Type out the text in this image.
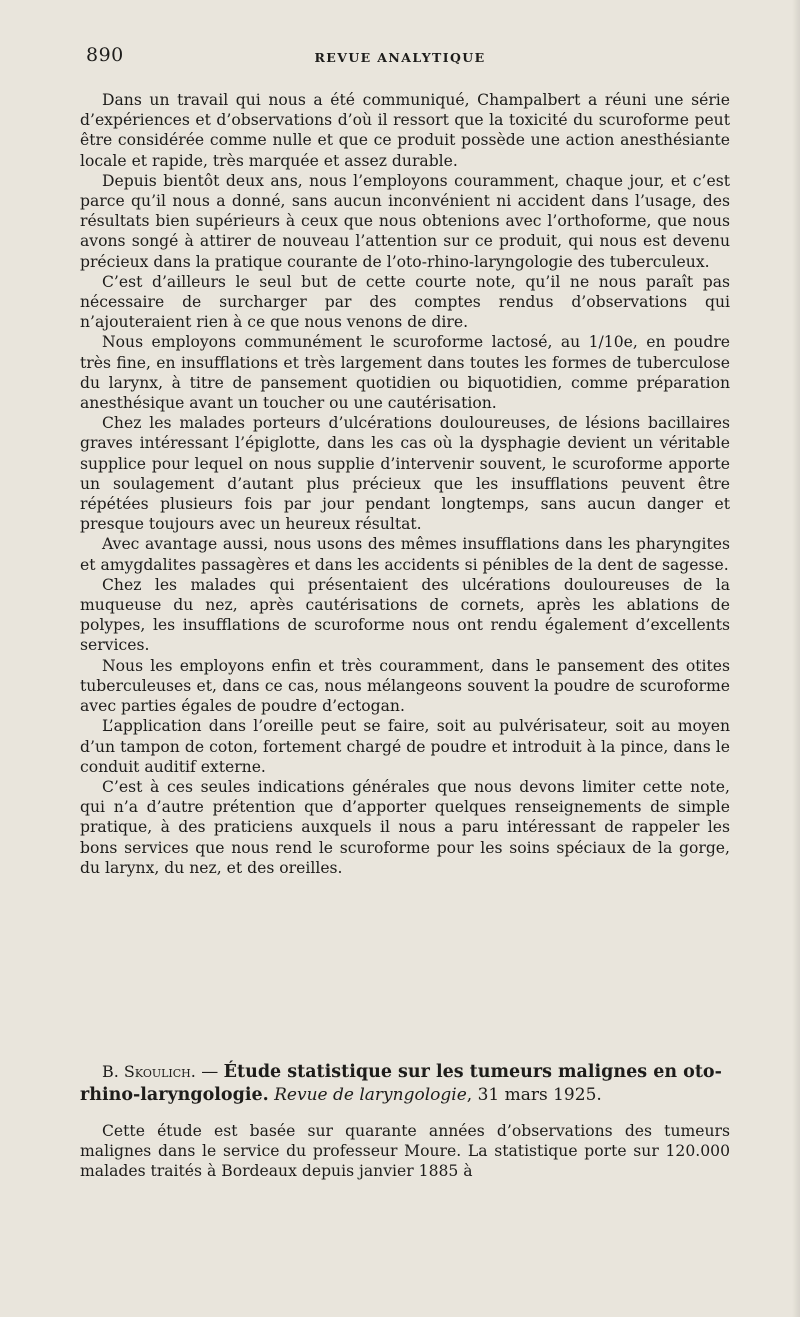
890	REVUE ANALYTIQUE

Dans un travail qui nous a été communiqué, Champalbert a réuni une série d’expériences et d’observations d’où il ressort que la toxicité du scuroforme peut être considérée comme nulle et que ce produit possède une action anesthésiante locale et rapide, très marquée et assez durable.

Depuis bientôt deux ans, nous l’employons couramment, chaque jour, et c’est parce qu’il nous a donné, sans aucun inconvénient ni accident dans l’usage, des résultats bien supérieurs à ceux que nous obtenions avec l’orthoforme, que nous avons songé à attirer de nouveau l’attention sur ce produit, qui nous est devenu précieux dans la pratique courante de l’oto-rhino-laryngologie des tuberculeux.

C’est d’ailleurs le seul but de cette courte note, qu’il ne nous paraît pas nécessaire de surcharger par des comptes rendus d’observations qui n’ajouteraient rien à ce que nous venons de dire.

Nous employons communément le scuroforme lactosé, au 1/10e, en poudre très fine, en insufflations et très largement dans toutes les formes de tuberculose du larynx, à titre de pansement quotidien ou biquotidien, comme préparation anesthésique avant un toucher ou une cautérisation.

Chez les malades porteurs d’ulcérations douloureuses, de lésions bacillaires graves intéressant l’épiglotte, dans les cas où la dysphagie devient un véritable supplice pour lequel on nous supplie d’intervenir souvent, le scuroforme apporte un soulagement d’autant plus précieux que les insufflations peuvent être répétées plusieurs fois par jour pendant longtemps, sans aucun danger et presque toujours avec un heureux résultat.

Avec avantage aussi, nous usons des mêmes insufflations dans les pharyngites et amygdalites passagères et dans les accidents si pénibles de la dent de sagesse.

Chez les malades qui présentaient des ulcérations douloureuses de la muqueuse du nez, après cautérisations de cornets, après les ablations de polypes, les insufflations de scuroforme nous ont rendu également d’excellents services.

Nous les employons enfin et très couramment, dans le pansement des otites tuberculeuses et, dans ce cas, nous mélangeons souvent la poudre de scuroforme avec parties égales de poudre d’ectogan.

L’application dans l’oreille peut se faire, soit au pulvérisateur, soit au moyen d’un tampon de coton, fortement chargé de poudre et introduit à la pince, dans le conduit auditif externe.

C’est à ces seules indications générales que nous devons limiter cette note, qui n’a d’autre prétention que d’apporter quelques renseignements de simple pratique, à des praticiens auxquels il nous a paru intéressant de rappeler les bons services que nous rend le scuroforme pour les soins spéciaux de la gorge, du larynx, du nez, et des oreilles.

B. Skoulich. — Étude statistique sur les tumeurs malignes en oto-rhino-laryngologie. Revue de laryngologie, 31 mars 1925.

Cette étude est basée sur quarante années d’observations des tumeurs malignes dans le service du professeur Moure. La statistique porte sur 120.000 malades traités à Bordeaux depuis janvier 1885 à
